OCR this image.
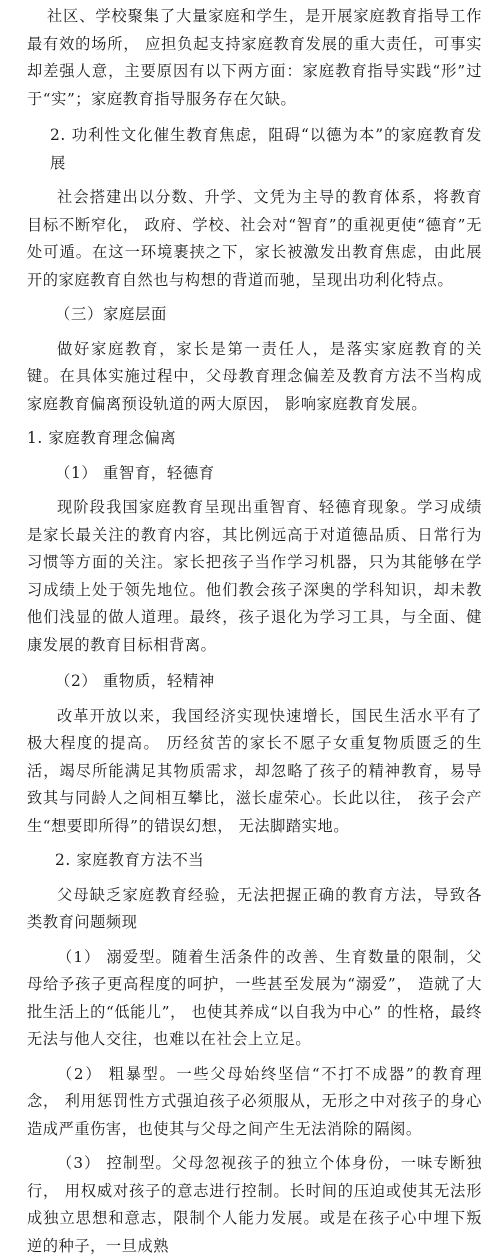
社区、学校聚集了大量家庭和学生，是开展家庭教育指导工作最有效的场所， 应担负起支持家庭教育发展的重大责任，可事实却差强人意，主要原因有以下两方面：家庭教育指导实践“形”过于“实”；家庭教育指导服务存在欠缺。

2. 功利性文化催生教育焦虑，阻碍“以德为本”的家庭教育发展

社会搭建出以分数、升学、文凭为主导的教育体系，将教育目标不断窄化， 政府、学校、社会对“智育”的重视更使“德育”无处可遁。在这一环境裹挟之下，家长被激发出教育焦虑，由此展开的家庭教育自然也与构想的背道而驰，呈现出功利化特点。

（三）家庭层面

做好家庭教育，家长是第一责任人，是落实家庭教育的关键。在具体实施过程中，父母教育理念偏差及教育方法不当构成家庭教育偏离预设轨道的两大原因， 影响家庭教育发展。

1. 家庭教育理念偏离

（1） 重智育，轻德育

现阶段我国家庭教育呈现出重智育、轻德育现象。学习成绩是家长最关注的教育内容，其比例远高于对道德品质、日常行为习惯等方面的关注。家长把孩子当作学习机器，只为其能够在学习成绩上处于领先地位。他们教会孩子深奥的学科知识，却未教他们浅显的做人道理。最终，孩子退化为学习工具，与全面、健康发展的教育目标相背离。

（2） 重物质，轻精神

改革开放以来，我国经济实现快速增长，国民生活水平有了极大程度的提高。 历经贫苦的家长不愿子女重复物质匮乏的生活，竭尽所能满足其物质需求，却忽略了孩子的精神教育，易导致其与同龄人之间相互攀比，滋长虚荣心。长此以往， 孩子会产生“想要即所得”的错误幻想， 无法脚踏实地。

2. 家庭教育方法不当

父母缺乏家庭教育经验，无法把握正确的教育方法，导致各类教育问题频现

（1） 溺爱型。随着生活条件的改善、生育数量的限制，父母给予孩子更高程度的呵护，一些甚至发展为“溺爱”， 造就了大批生活上的“低能儿”， 也使其养成“以自我为中心” 的性格，最终无法与他人交往，也难以在社会上立足。

（2） 粗暴型。一些父母始终坚信“不打不成器”的教育理念， 利用惩罚性方式强迫孩子必须服从，无形之中对孩子的身心造成严重伤害，也使其与父母之间产生无法消除的隔阂。

（3） 控制型。父母忽视孩子的独立个体身份，一味专断独行， 用权威对孩子的意志进行控制。长时间的压迫或使其无法形成独立思想和意志，限制个人能力发展。或是在孩子心中埋下叛逆的种子，一旦成熟
